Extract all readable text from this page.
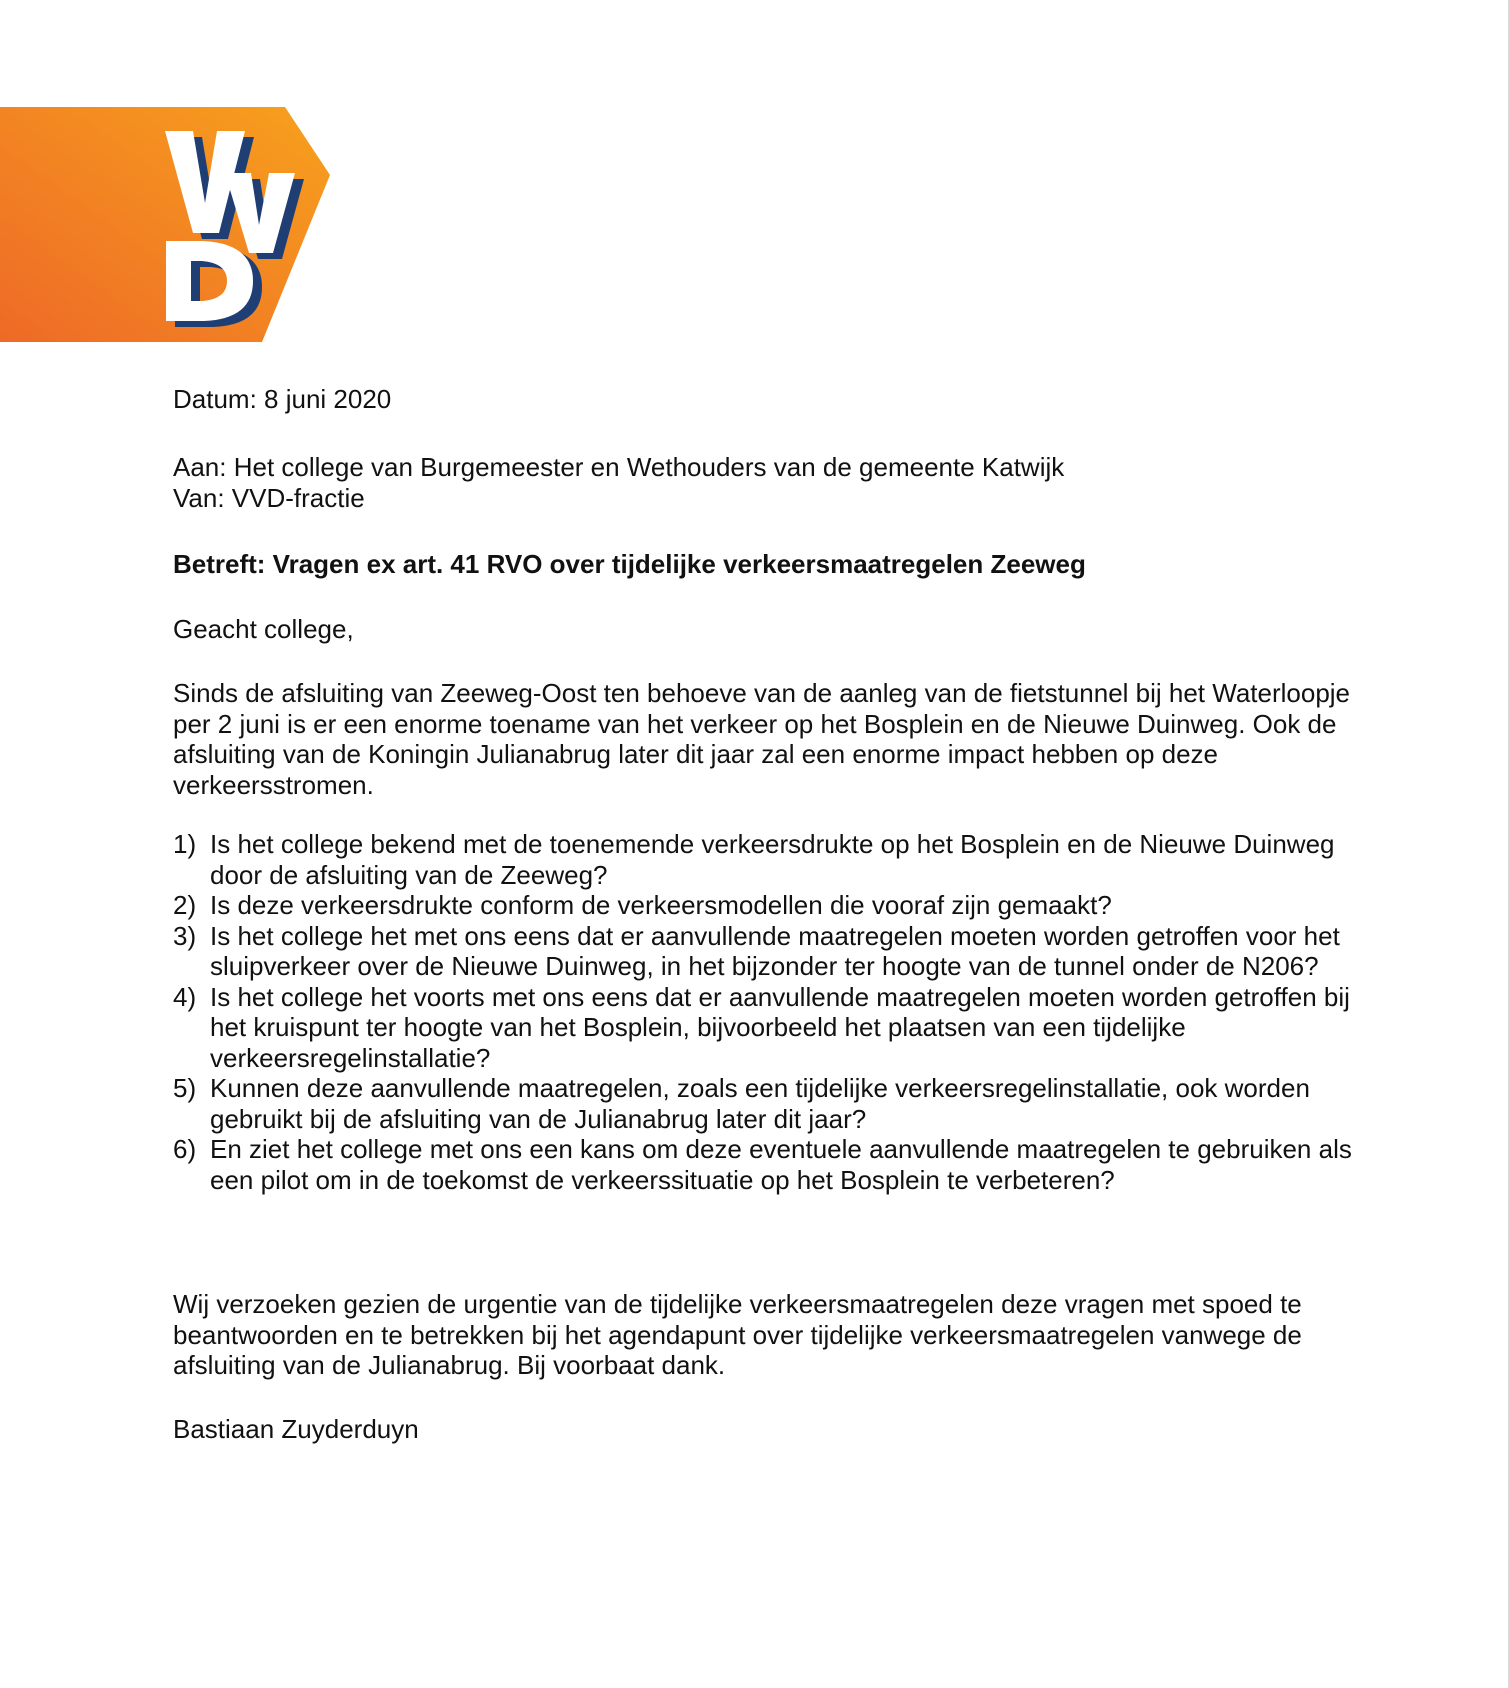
Datum: 8 juni 2020

Aan: Het college van Burgemeester en Wethouders van de gemeente Katwijk

Van: VVD-fractie

Betreft: Vragen ex art. 41 RVO over tijdelijke verkeersmaatregelen Zeeweg

Geacht college,

Sinds de afsluiting van Zeeweg-Oost ten behoeve van de aanleg van de fietstunnel bij het Waterloopje per 2 juni is er een enorme toename van het verkeer op het Bosplein en de Nieuwe Duinweg. Ook de afsluiting van de Koningin Julianabrug later dit jaar zal een enorme impact hebben op deze verkeersstromen.

1) Is het college bekend met de toenemende verkeersdrukte op het Bosplein en de Nieuwe Duinweg door de afsluiting van de Zeeweg?
2) Is deze verkeersdrukte conform de verkeersmodellen die vooraf zijn gemaakt?
3) Is het college het met ons eens dat er aanvullende maatregelen moeten worden getroffen voor het sluipverkeer over de Nieuwe Duinweg, in het bijzonder ter hoogte van de tunnel onder de N206?
4) Is het college het voorts met ons eens dat er aanvullende maatregelen moeten worden getroffen bij het kruispunt ter hoogte van het Bosplein, bijvoorbeeld het plaatsen van een tijdelijke verkeersregelinstallatie?
5) Kunnen deze aanvullende maatregelen, zoals een tijdelijke verkeersregelinstallatie, ook worden gebruikt bij de afsluiting van de Julianabrug later dit jaar?
6) En ziet het college met ons een kans om deze eventuele aanvullende maatregelen te gebruiken als een pilot om in de toekomst de verkeerssituatie op het Bosplein te verbeteren?

Wij verzoeken gezien de urgentie van de tijdelijke verkeersmaatregelen deze vragen met spoed te beantwoorden en te betrekken bij het agendapunt over tijdelijke verkeersmaatregelen vanwege de afsluiting van de Julianabrug. Bij voorbaat dank.

Bastiaan Zuyderduyn
